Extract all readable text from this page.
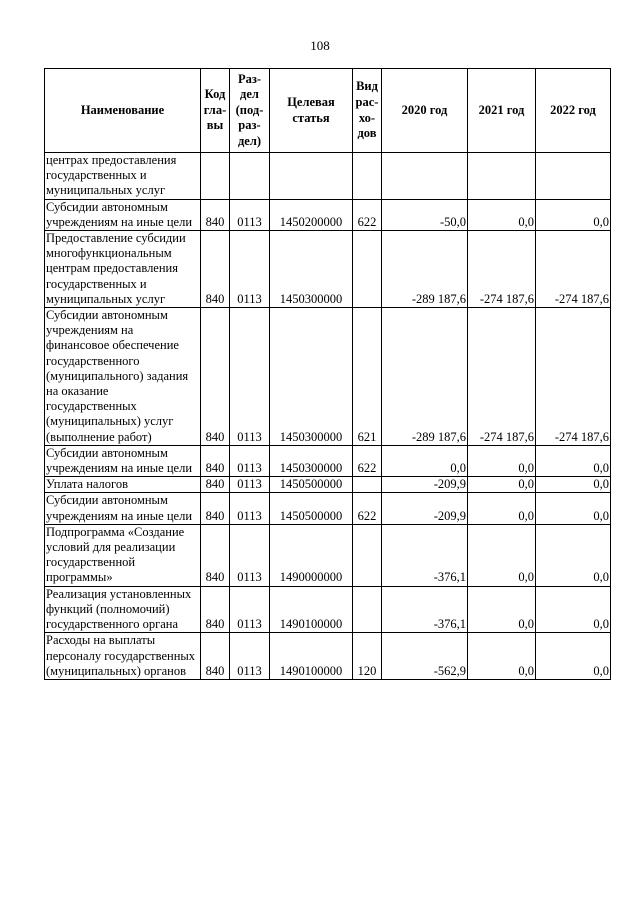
108
Наименование	Код гла- вы	Раз- дел (под- раз- дел)	Целевая статья	Вид рас- хо- дов	2020 год	2021 год	2022 год
центрах предоставления государственных и муниципальных услуг							
Субсидии автономным учреждениям на иные цели	840	0113	1450200000	622	-50,0	0,0	0,0
Предоставление субсидии многофункциональным центрам предоставления государственных и муниципальных услуг	840	0113	1450300000		-289 187,6	-274 187,6	-274 187,6
Субсидии автономным учреждениям на финансовое обеспечение государственного (муниципального) задания на оказание государственных (муниципальных) услуг (выполнение работ)	840	0113	1450300000	621	-289 187,6	-274 187,6	-274 187,6
Субсидии автономным учреждениям на иные цели	840	0113	1450300000	622	0,0	0,0	0,0
Уплата налогов	840	0113	1450500000		-209,9	0,0	0,0
Субсидии автономным учреждениям на иные цели	840	0113	1450500000	622	-209,9	0,0	0,0
Подпрограмма «Создание условий для реализации государственной программы»	840	0113	1490000000		-376,1	0,0	0,0
Реализация установленных функций (полномочий) государственного органа	840	0113	1490100000		-376,1	0,0	0,0
Расходы на выплаты персоналу государственных (муниципальных) органов	840	0113	1490100000	120	-562,9	0,0	0,0
